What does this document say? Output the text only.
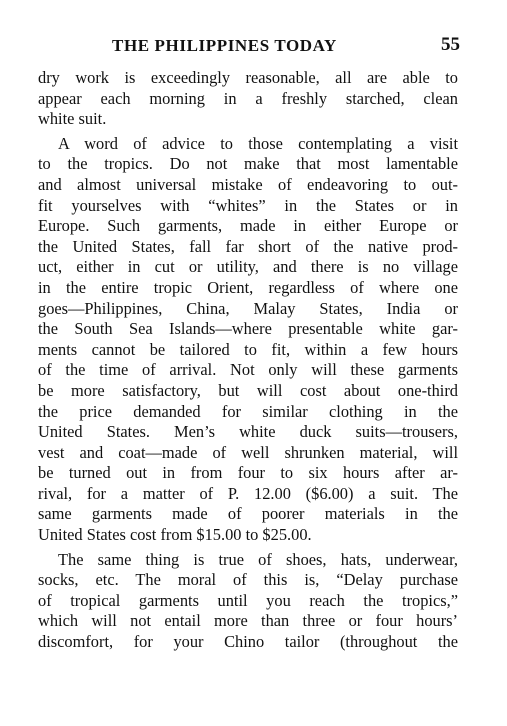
THE PHILIPPINES TODAY	55
dry work is exceedingly reasonable, all are able to
appear each morning in a freshly starched, clean
white suit.
A word of advice to those contemplating a visit
to the tropics. Do not make that most lamentable
and almost universal mistake of endeavoring to out-
fit yourselves with “whites” in the States or in
Europe. Such garments, made in either Europe or
the United States, fall far short of the native prod-
uct, either in cut or utility, and there is no village
in the entire tropic Orient, regardless of where one
goes—Philippines, China, Malay States, India or
the South Sea Islands—where presentable white gar-
ments cannot be tailored to fit, within a few hours
of the time of arrival. Not only will these garments
be more satisfactory, but will cost about one-third
the price demanded for similar clothing in the
United States. Men’s white duck suits—trousers,
vest and coat—made of well shrunken material, will
be turned out in from four to six hours after ar-
rival, for a matter of P. 12.00 ($6.00) a suit. The
same garments made of poorer materials in the
United States cost from $15.00 to $25.00.
The same thing is true of shoes, hats, underwear,
socks, etc. The moral of this is, “Delay purchase
of tropical garments until you reach the tropics,”
which will not entail more than three or four hours’
discomfort, for your Chino tailor (throughout the
